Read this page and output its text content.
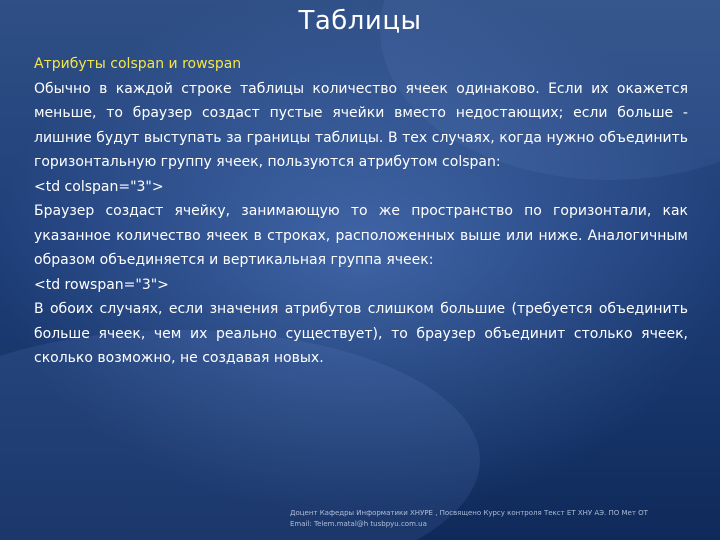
Таблицы

Атрибуты colspan и rowspan

Обычно в каждой строке таблицы количество ячеек одинаково. Если их окажется меньше, то браузер создаст пустые ячейки вместо недостающих; если больше - лишние будут выступать за границы таблицы. В тех случаях, когда нужно объединить горизонтальную группу ячеек, пользуются атрибутом colspan:

<td colspan="3">

Браузер создаст ячейку, занимающую то же пространство по горизонтали, как указанное количество ячеек в строках, расположенных выше или ниже. Аналогичным образом объединяется и вертикальная группа ячеек:

<td rowspan="3">

В обоих случаях, если значения атрибутов слишком большие (требуется объединить больше ячеек, чем их реально существует), то браузер объединит столько ячеек, сколько возможно, не создавая новых.

Доцент Кафедры Информатики ХНУРЕ , Посвящено Курсу контроля Текст ЕТ ХНУ АЭ. ПО Мет ОТ
Email: Telem.matal@h tusbpyu.com.ua
